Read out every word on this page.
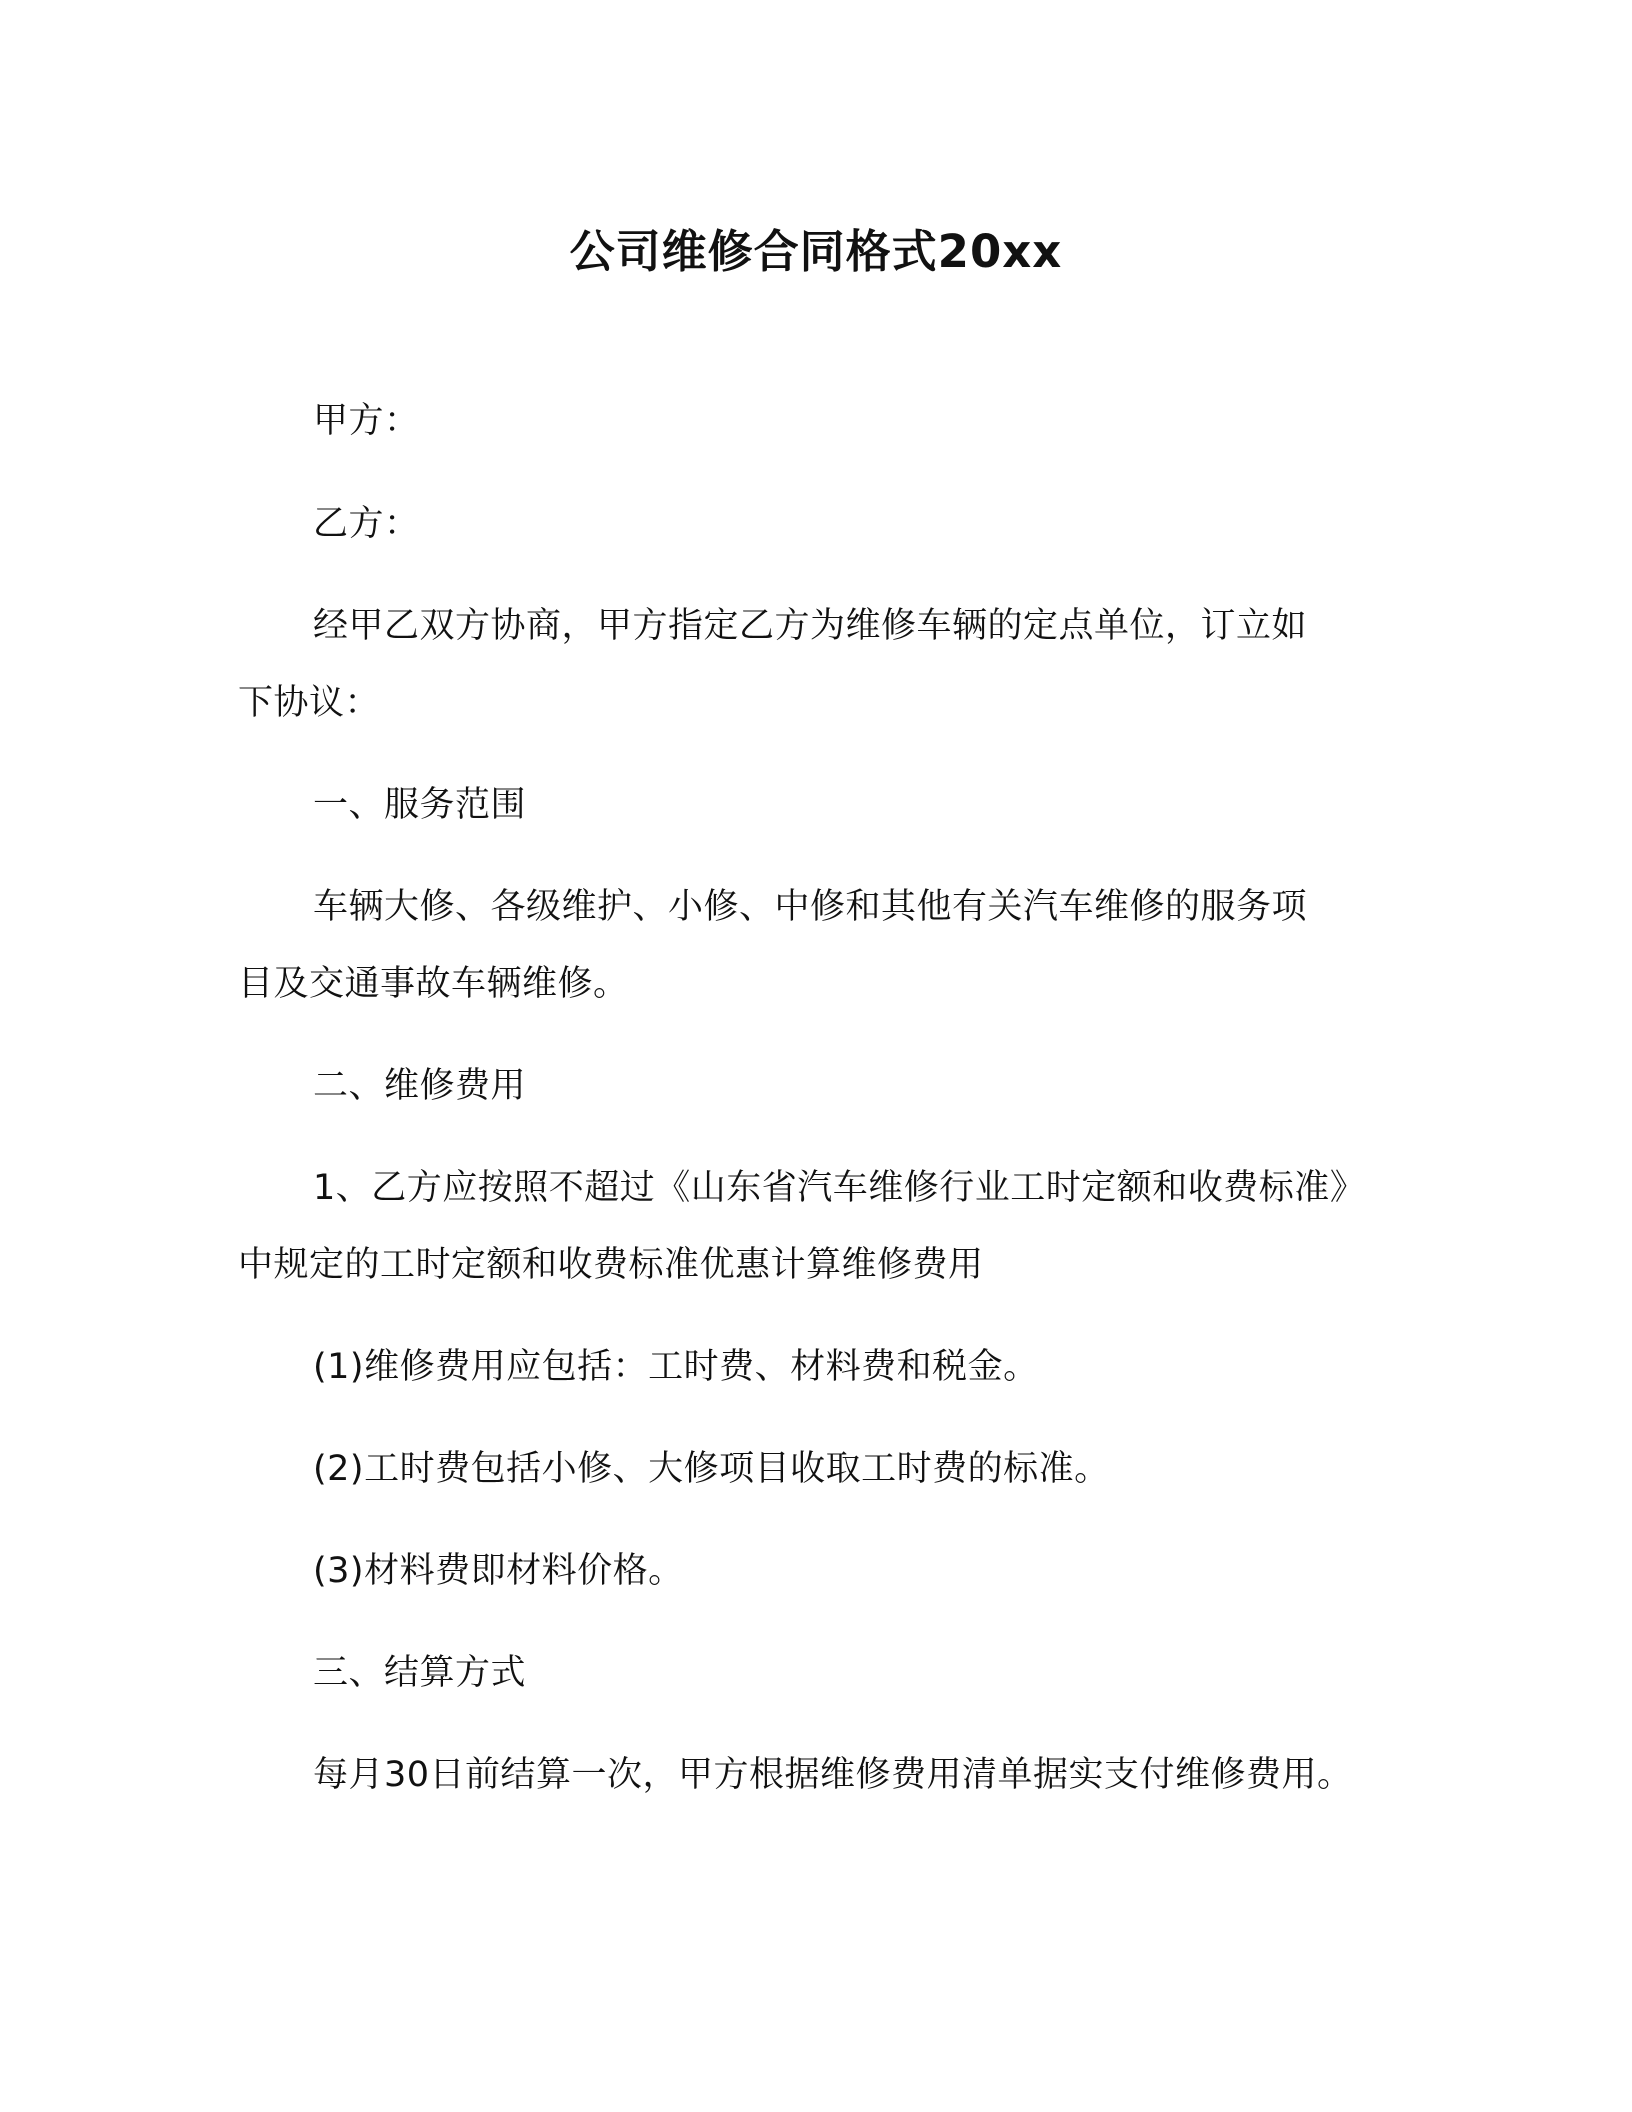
公司维修合同格式20xx

甲方：

乙方：

经甲乙双方协商，甲方指定乙方为维修车辆的定点单位，订立如

下协议：

一、服务范围

车辆大修、各级维护、小修、中修和其他有关汽车维修的服务项

目及交通事故车辆维修。

二、维修费用

1、乙方应按照不超过《山东省汽车维修行业工时定额和收费标准》

中规定的工时定额和收费标准优惠计算维修费用

(1)维修费用应包括：工时费、材料费和税金。

(2)工时费包括小修、大修项目收取工时费的标准。

(3)材料费即材料价格。

三、结算方式

每月30日前结算一次，甲方根据维修费用清单据实支付维修费用。
